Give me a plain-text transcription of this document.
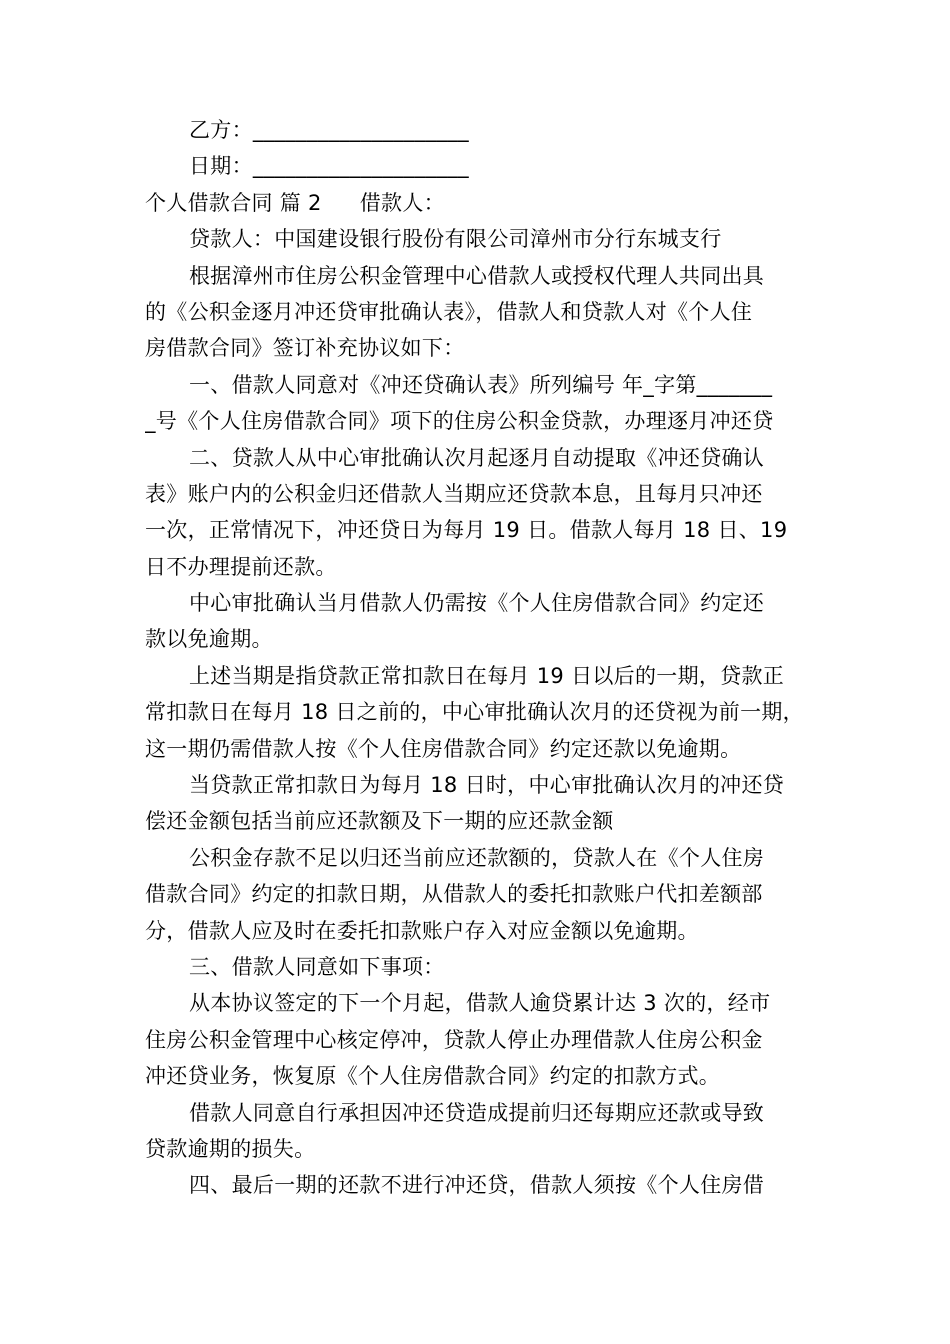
乙方：____________________
日期：____________________
个人借款合同 篇 2 借款人：
贷款人：中国建设银行股份有限公司漳州市分行东城支行
根据漳州市住房公积金管理中心借款人或授权代理人共同出具
的《公积金逐月冲还贷审批确认表》，借款人和贷款人对《个人住
房借款合同》签订补充协议如下：
一、借款人同意对《冲还贷确认表》所列编号 年_字第_______
_号《个人住房借款合同》项下的住房公积金贷款，办理逐月冲还贷
二、贷款人从中心审批确认次月起逐月自动提取《冲还贷确认
表》账户内的公积金归还借款人当期应还贷款本息，且每月只冲还
一次，正常情况下，冲还贷日为每月 19 日。借款人每月 18 日、19
日不办理提前还款。
中心审批确认当月借款人仍需按《个人住房借款合同》约定还
款以免逾期。
上述当期是指贷款正常扣款日在每月 19 日以后的一期，贷款正
常扣款日在每月 18 日之前的，中心审批确认次月的还贷视为前一期，
这一期仍需借款人按《个人住房借款合同》约定还款以免逾期。
当贷款正常扣款日为每月 18 日时，中心审批确认次月的冲还贷
偿还金额包括当前应还款额及下一期的应还款金额
公积金存款不足以归还当前应还款额的，贷款人在《个人住房
借款合同》约定的扣款日期，从借款人的委托扣款账户代扣差额部
分，借款人应及时在委托扣款账户存入对应金额以免逾期。
三、借款人同意如下事项：
从本协议签定的下一个月起，借款人逾贷累计达 3 次的，经市
住房公积金管理中心核定停冲，贷款人停止办理借款人住房公积金
冲还贷业务，恢复原《个人住房借款合同》约定的扣款方式。
借款人同意自行承担因冲还贷造成提前归还每期应还款或导致
贷款逾期的损失。
四、最后一期的还款不进行冲还贷，借款人须按《个人住房借
